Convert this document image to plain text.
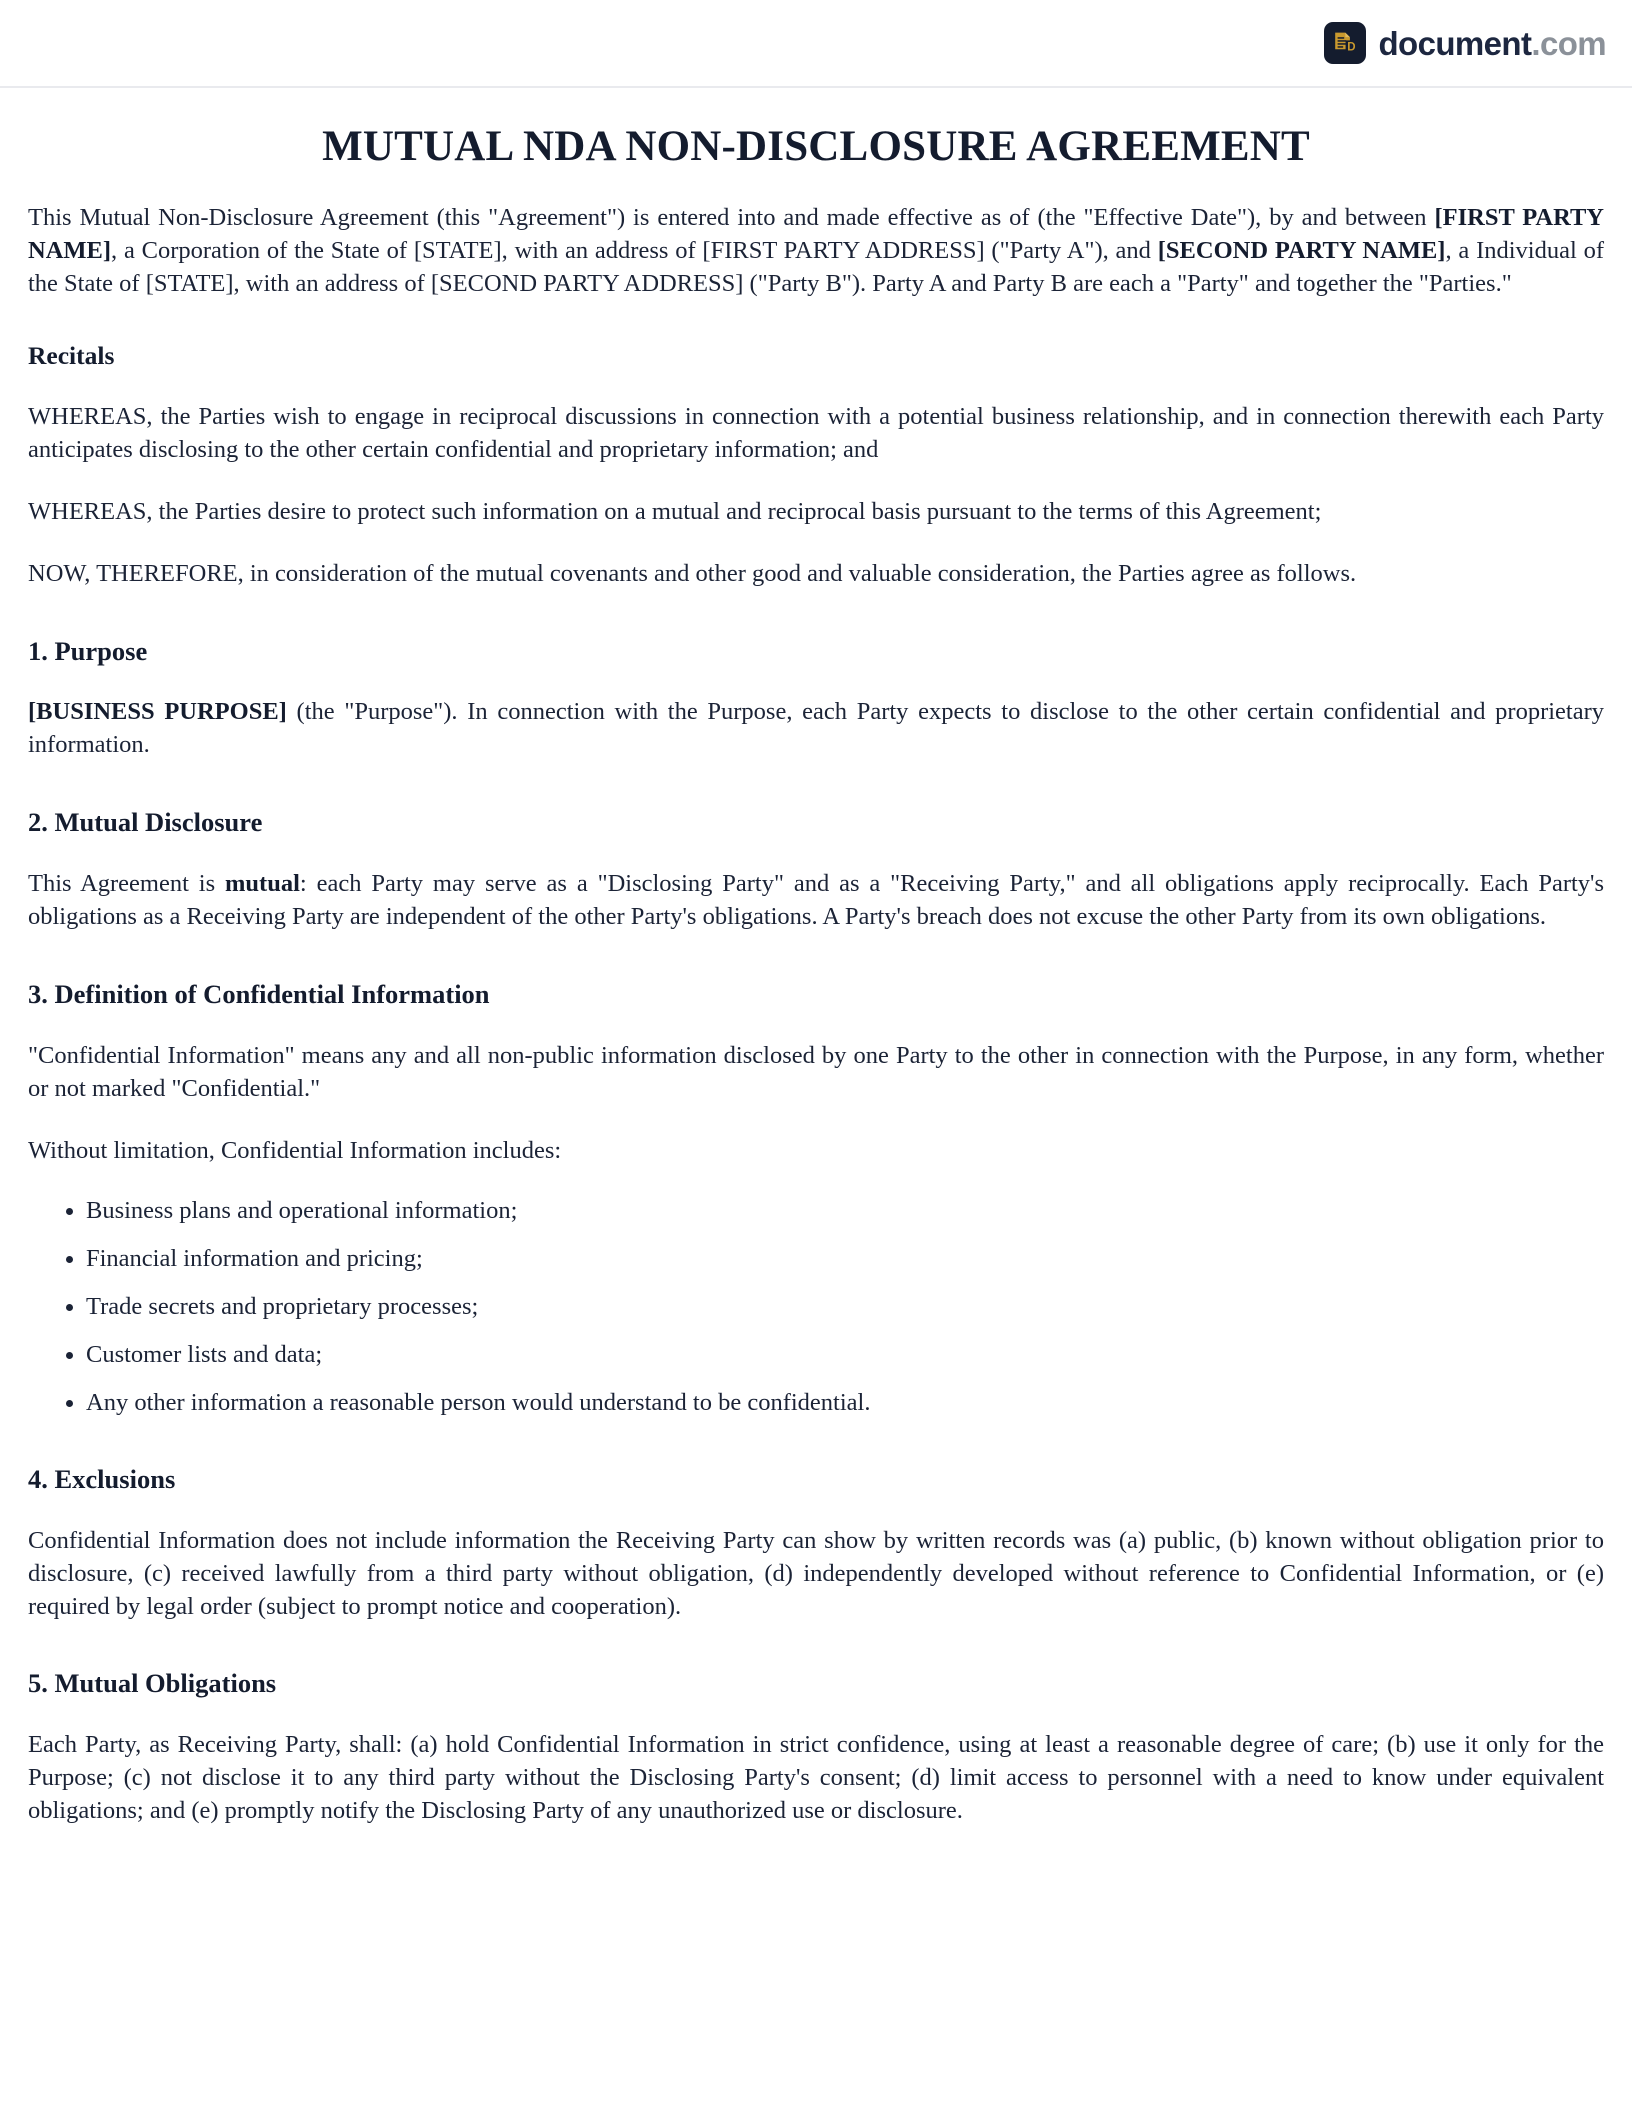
D document.com
MUTUAL NDA NON-DISCLOSURE AGREEMENT

This Mutual Non-Disclosure Agreement (this "Agreement") is entered into and made effective as of (the "Effective Date"), by and between [FIRST PARTY NAME], a Corporation of the State of [STATE], with an address of [FIRST PARTY ADDRESS] ("Party A"), and [SECOND PARTY NAME], a Individual of the State of [STATE], with an address of [SECOND PARTY ADDRESS] ("Party B"). Party A and Party B are each a "Party" and together the "Parties."

Recitals

WHEREAS, the Parties wish to engage in reciprocal discussions in connection with a potential business relationship, and in connection therewith each Party anticipates disclosing to the other certain confidential and proprietary information; and

WHEREAS, the Parties desire to protect such information on a mutual and reciprocal basis pursuant to the terms of this Agreement;

NOW, THEREFORE, in consideration of the mutual covenants and other good and valuable consideration, the Parties agree as follows.

1. Purpose

[BUSINESS PURPOSE] (the "Purpose"). In connection with the Purpose, each Party expects to disclose to the other certain confidential and proprietary information.

2. Mutual Disclosure

This Agreement is mutual: each Party may serve as a "Disclosing Party" and as a "Receiving Party," and all obligations apply reciprocally. Each Party's obligations as a Receiving Party are independent of the other Party's obligations. A Party's breach does not excuse the other Party from its own obligations.

3. Definition of Confidential Information

"Confidential Information" means any and all non-public information disclosed by one Party to the other in connection with the Purpose, in any form, whether or not marked "Confidential."

Without limitation, Confidential Information includes:

Business plans and operational information;
Financial information and pricing;
Trade secrets and proprietary processes;
Customer lists and data;
Any other information a reasonable person would understand to be confidential.
4. Exclusions

Confidential Information does not include information the Receiving Party can show by written records was (a) public, (b) known without obligation prior to disclosure, (c) received lawfully from a third party without obligation, (d) independently developed without reference to Confidential Information, or (e) required by legal order (subject to prompt notice and cooperation).

5. Mutual Obligations

Each Party, as Receiving Party, shall: (a) hold Confidential Information in strict confidence, using at least a reasonable degree of care; (b) use it only for the Purpose; (c) not disclose it to any third party without the Disclosing Party's consent; (d) limit access to personnel with a need to know under equivalent obligations; and (e) promptly notify the Disclosing Party of any unauthorized use or disclosure.
